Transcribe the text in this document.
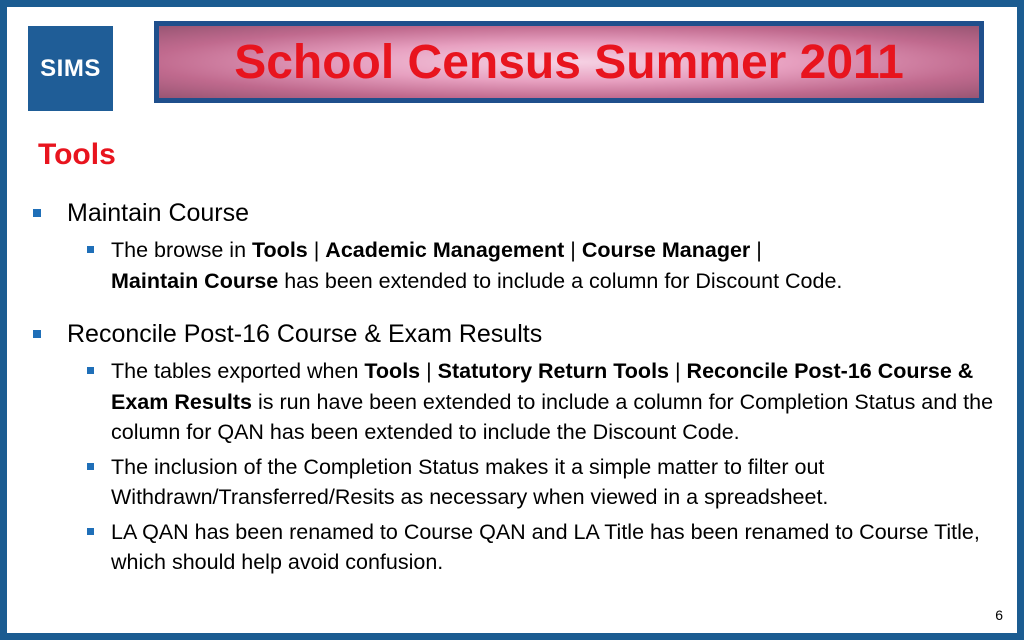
SIMS	School Census Summer 2011
Tools
Maintain Course
The browse in Tools | Academic Management | Course Manager |
Maintain Course has been extended to include a column for Discount Code.
Reconcile Post-16 Course & Exam Results
The tables exported when Tools | Statutory Return Tools | Reconcile Post-16 Course & Exam Results is run have been extended to include a column for Completion Status and the column for QAN has been extended to include the Discount Code.
The inclusion of the Completion Status makes it a simple matter to filter out Withdrawn/Transferred/Resits as necessary when viewed in a spreadsheet.
LA QAN has been renamed to Course QAN and LA Title has been renamed to Course Title, which should help avoid confusion.
6
